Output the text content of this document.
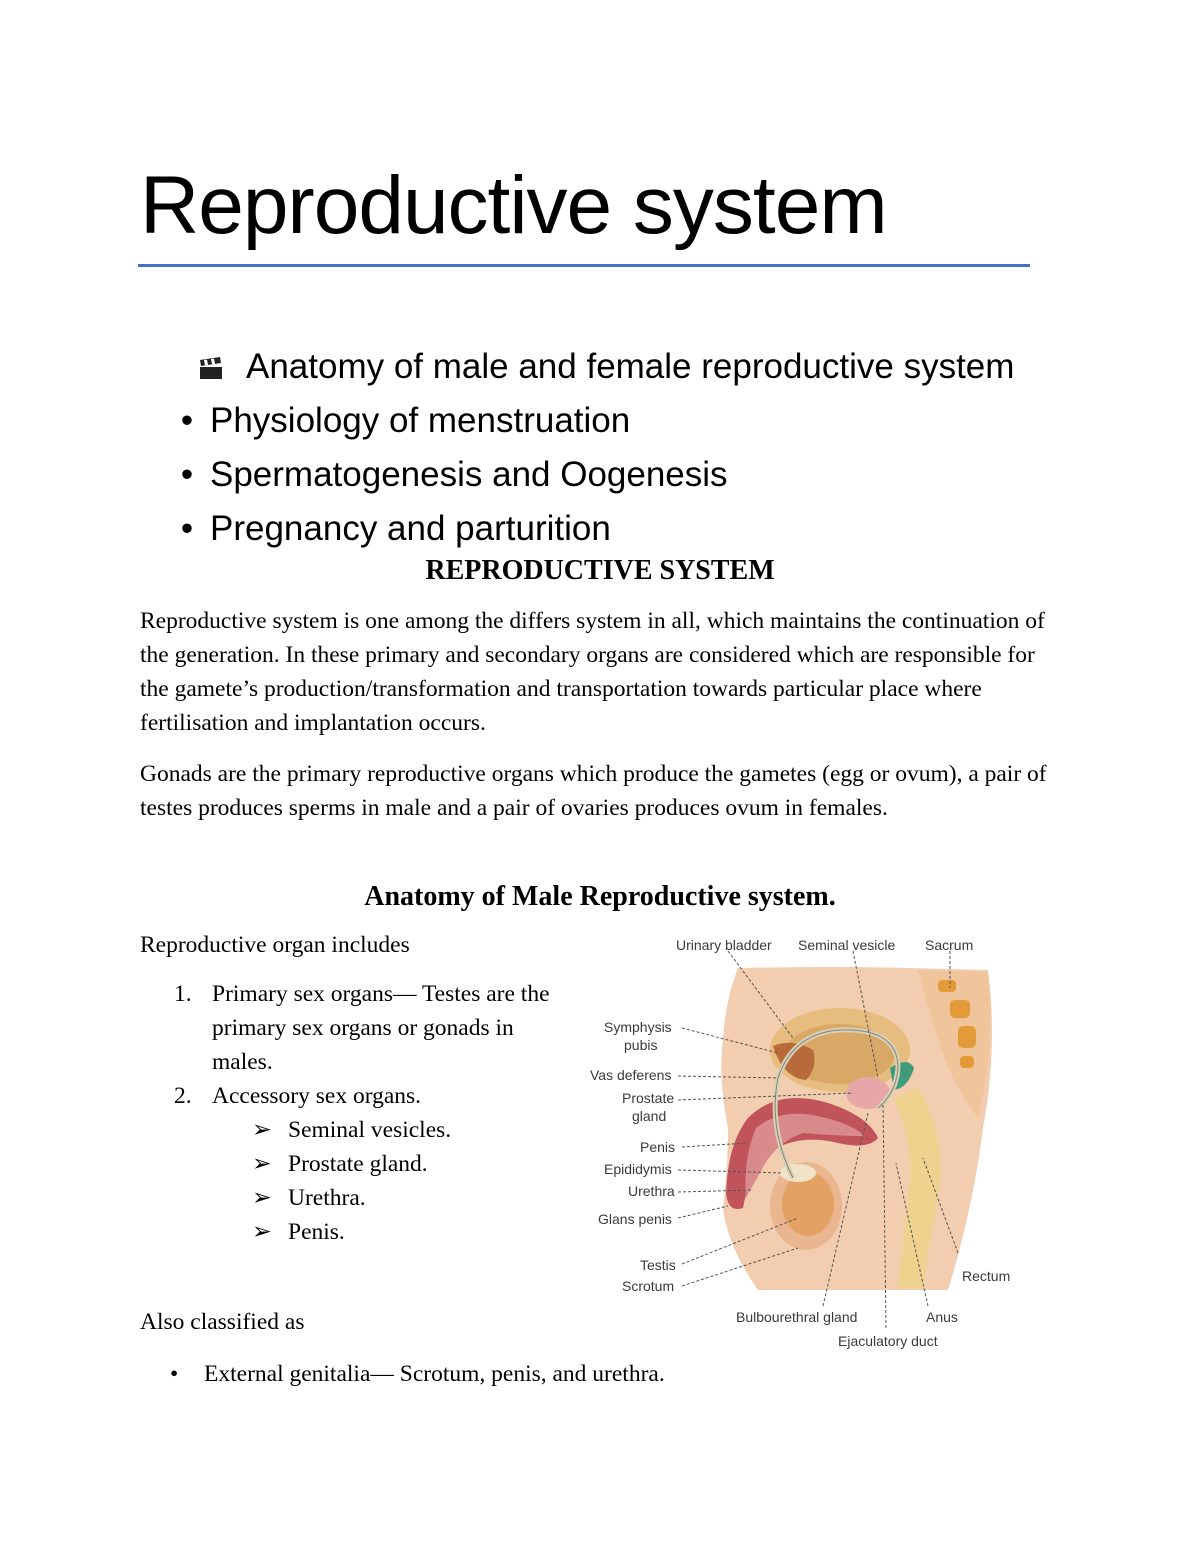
Reproductive system
Anatomy of male and female reproductive system
• Physiology of menstruation
• Spermatogenesis and Oogenesis
• Pregnancy and parturition
REPRODUCTIVE SYSTEM

Reproductive system is one among the differs system in all, which maintains the continuation of the generation. In these primary and secondary organs are considered which are responsible for the gamete’s production/transformation and transportation towards particular place where fertilisation and implantation occurs.

Gonads are the primary reproductive organs which produce the gametes (egg or ovum), a pair of testes produces sperms in male and a pair of ovaries produces ovum in females.

Anatomy of Male Reproductive system.

Reproductive organ includes

1. Primary sex organs— Testes are the primary sex organs or gonads in males.
2. Accessory sex organs.
➢ Seminal vesicles.
➢ Prostate gland.
➢ Urethra.
➢ Penis.

Also classified as

• External genitalia— Scrotum, penis, and urethra.
Urinary bladder Seminal vesicle Sacrum
Symphysis
pubis
Vas deferens
Prostate
gland
Penis
Epididymis
Urethra
Glans penis
Testis
Scrotum
Rectum
Bulbourethral gland	Anus
Ejaculatory duct
